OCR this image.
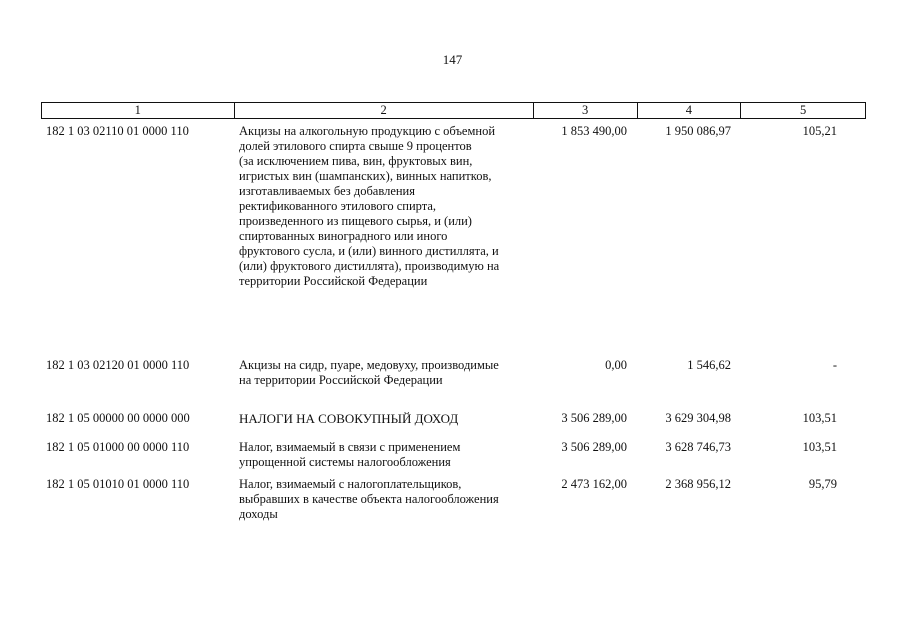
147
1	2	3	4	5
182 1 03 02110 01 0000 110	Акцизы на алкогольную продукцию с объемной
долей этилового спирта свыше 9 процентов
(за исключением пива, вин, фруктовых вин,
игристых вин (шампанских), винных напитков,
изготавливаемых без добавления
ректификованного этилового спирта,
произведенного из пищевого сырья, и (или)
спиртованных виноградного или иного
фруктового сусла, и (или) винного дистиллята, и
(или) фруктового дистиллята), производимую на
территории Российской Федерации
1 853 490,00	1 950 086,97	105,21
182 1 03 02120 01 0000 110	Акцизы на сидр, пуаре, медовуху, производимые
на территории Российской Федерации
0,00	1 546,62	-
182 1 05 00000 00 0000 000	НАЛОГИ НА СОВОКУПНЫЙ ДОХОД	3 506 289,00	3 629 304,98	103,51
182 1 05 01000 00 0000 110	Налог, взимаемый в связи с применением
упрощенной системы налогообложения
3 506 289,00	3 628 746,73	103,51
182 1 05 01010 01 0000 110	Налог, взимаемый с налогоплательщиков,
выбравших в качестве объекта налогообложения
доходы
2 473 162,00	2 368 956,12	95,79
